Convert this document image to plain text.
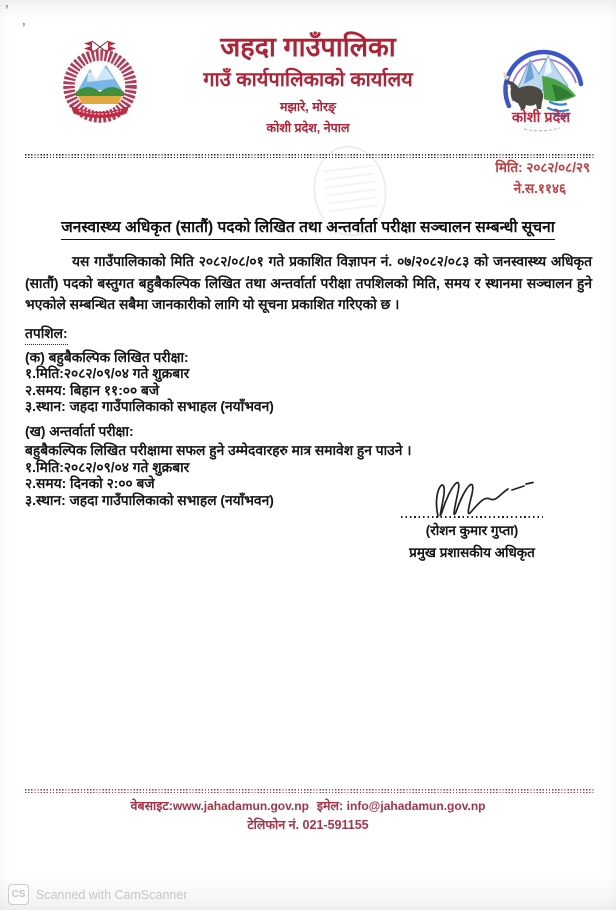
’
’
जहदा गाउँपालिका
गाउँ कार्यपालिकाको कार्यालय
मझारे, मोरङ्
कोशी प्रदेश, नेपाल
कोशी प्रदेश
मिति: २०८२/०८/२९
ने.स.११४६
जनस्वास्थ्य अधिकृत (सातौं) पदको लिखित तथा अन्तर्वार्ता परीक्षा सञ्चालन सम्बन्धी सूचना

यस गाउँपालिकाको मिति २०८२/०८/०१ गते प्रकाशित विज्ञापन नं. ०७/२०८२/०८३ को जनस्वास्थ्य अधिकृत (सातौं) पदको बस्तुगत बहुबैकल्पिक लिखित तथा अन्तर्वार्ता परीक्षा तपशिलको मिति, समय र स्थानमा सञ्चालन हुने भएकोले सम्बन्धित सबैमा जानकारीको लागि यो सूचना प्रकाशित गरिएको छ ।

तपशिल:
(क) बहुबैकल्पिक लिखित परीक्षा:
१.मिति:२०८२/०९/०४ गते शुक्रबार
२.समय: बिहान ११:०० बजे
३.स्थान: जहदा गाउँपालिकाको सभाहल (नयाँभवन)
(ख) अन्तर्वार्ता परीक्षा:
बहुबैकल्पिक लिखित परीक्षामा सफल हुने उम्मेदवारहरु मात्र समावेश हुन पाउने ।
१.मिति:२०८२/०९/०४ गते शुक्रबार
२.समय: दिनको २:०० बजे
३.स्थान: जहदा गाउँपालिकाको सभाहल (नयाँभवन)
(रोशन कुमार गुप्ता)
प्रमुख प्रशासकीय अधिकृत
वेबसाइट:www.jahadamun.gov.np इमेल: info@jahadamun.gov.np
टेलिफोन नं. 021-591155
CS Scanned with CamScanner
